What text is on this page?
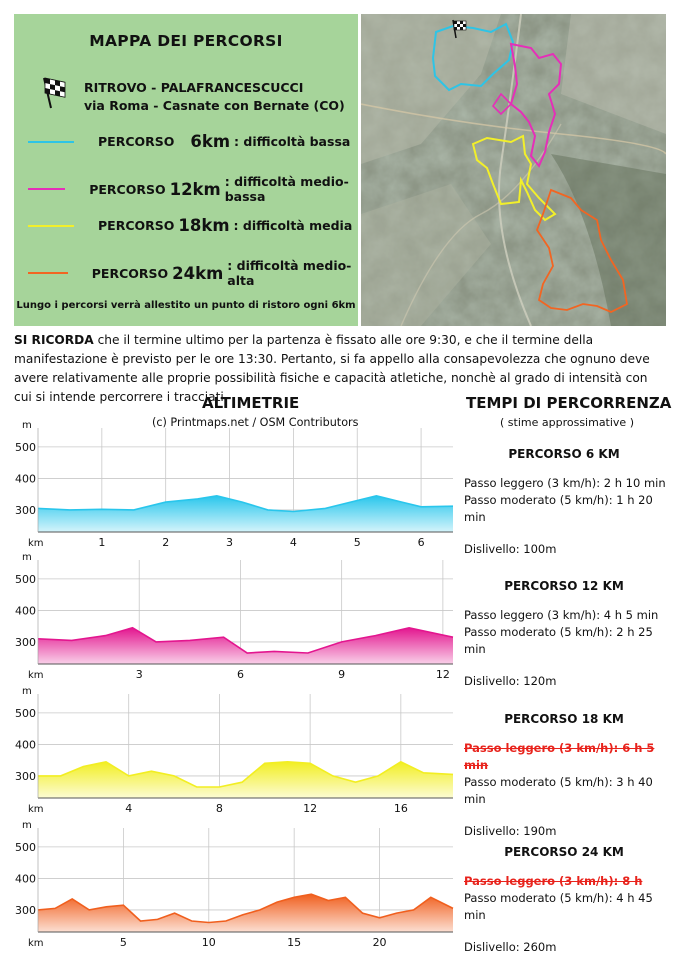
MAPPA DEI PERCORSI
RITROVO - PALAFRANCESCUCCI
via Roma - Casnate con Bernate (CO)
PERCORSO 6km : difficoltà bassa
PERCORSO 12km : difficoltà medio-bassa
PERCORSO 18km : difficoltà media
PERCORSO 24km : difficoltà medio-alta
Lungo i percorsi verrà allestito un punto di ristoro ogni 6km
SI RICORDA che il termine ultimo per la partenza è fissato alle ore 9:30, e che il termine della manifestazione è previsto per le ore 13:30. Pertanto, si fa appello alla consapevolezza che ognuno deve avere relativamente alle proprie possibilità fisiche e capacità atletiche, nonchè al grado di intensità con cui si intende percorrere i tracciati.
ALTIMETRIE
(c) Printmaps.net / OSM Contributors
TEMPI DI PERCORRENZA
( stime approssimative )
300
400
500
1	2	3	4	5	6
m
km
300
400
500
3	6	9	12
m
km
300
400
500
4	8	12	16
m
km
300
400
500
5	10	15	20
m
km
PERCORSO 6 KM
Passo leggero (3 km/h): 2 h 10 min
Passo moderato (5 km/h): 1 h 20 min
Dislivello: 100m
PERCORSO 12 KM
Passo leggero (3 km/h): 4 h 5 min
Passo moderato (5 km/h): 2 h 25 min
Dislivello: 120m
PERCORSO 18 KM
Passo leggero (3 km/h): 6 h 5 min
Passo moderato (5 km/h): 3 h 40 min
Dislivello: 190m
PERCORSO 24 KM
Passo leggero (3 km/h): 8 h
Passo moderato (5 km/h): 4 h 45 min
Dislivello: 260m
